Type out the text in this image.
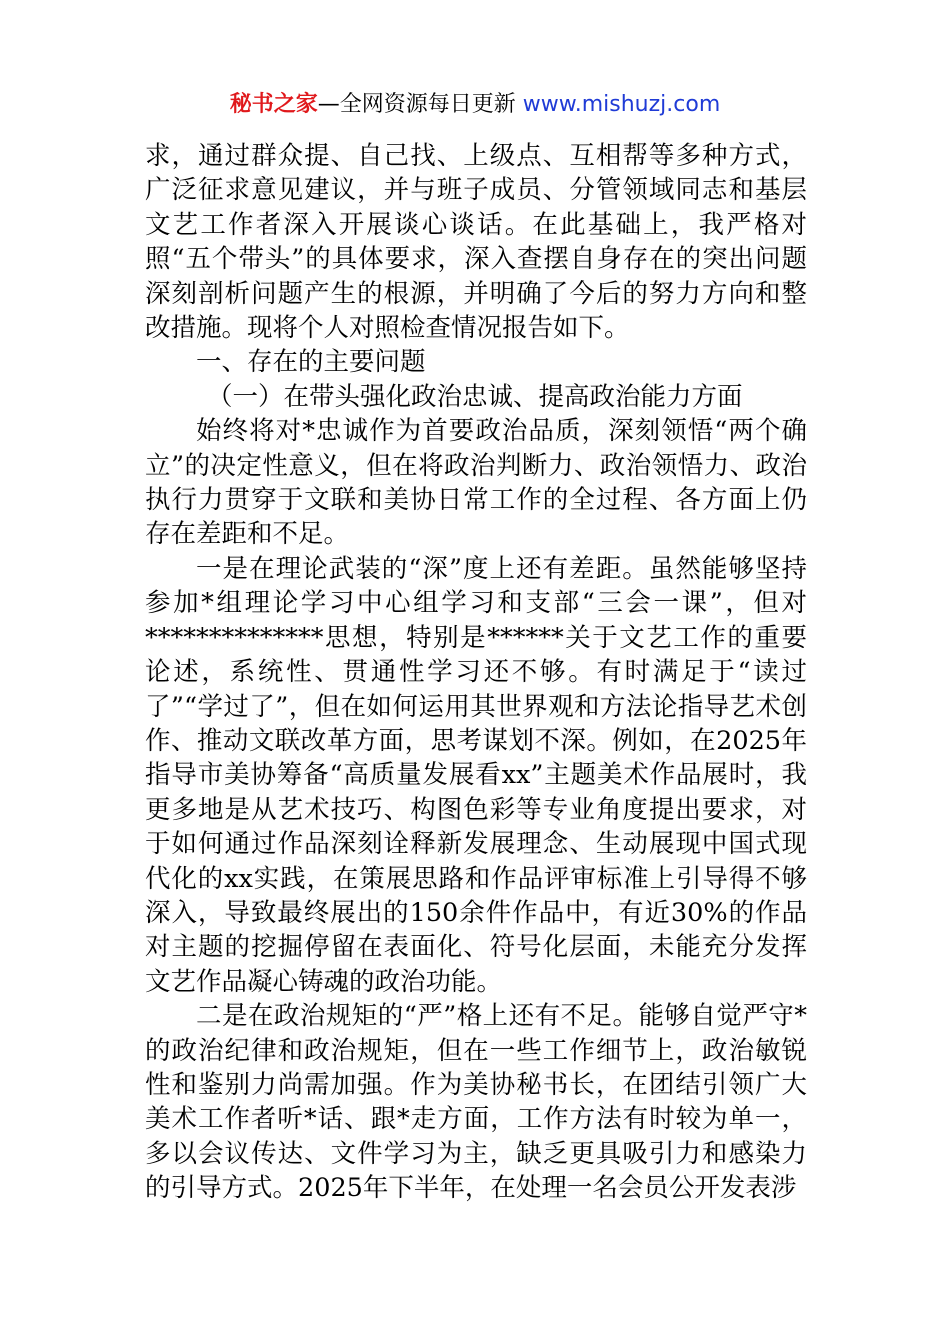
秘书之家—全网资源每日更新 www.mishuzj.com

求，通过群众提、自己找、上级点、互相帮等多种方式，广泛征求意见建议，并与班子成员、分管领域同志和基层文艺工作者深入开展谈心谈话。在此基础上，我严格对照“五个带头”的具体要求，深入查摆自身存在的突出问题深刻剖析问题产生的根源，并明确了今后的努力方向和整改措施。现将个人对照检查情况报告如下。

一、存在的主要问题

（一）在带头强化政治忠诚、提高政治能力方面

始终将对*忠诚作为首要政治品质，深刻领悟“两个确立”的决定性意义，但在将政治判断力、政治领悟力、政治执行力贯穿于文联和美协日常工作的全过程、各方面上仍存在差距和不足。

一是在理论武装的“深”度上还有差距。虽然能够坚持参加*组理论学习中心组学习和支部“三会一课”，但对**************思想，特别是******关于文艺工作的重要论述，系统性、贯通性学习还不够。有时满足于“读过了”“学过了”，但在如何运用其世界观和方法论指导艺术创作、推动文联改革方面，思考谋划不深。例如，在2025年指导市美协筹备“高质量发展看xx”主题美术作品展时，我更多地是从艺术技巧、构图色彩等专业角度提出要求，对于如何通过作品深刻诠释新发展理念、生动展现中国式现代化的xx实践，在策展思路和作品评审标准上引导得不够深入，导致最终展出的150余件作品中，有近30%的作品对主题的挖掘停留在表面化、符号化层面，未能充分发挥文艺作品凝心铸魂的政治功能。

二是在政治规矩的“严”格上还有不足。能够自觉严守*的政治纪律和政治规矩，但在一些工作细节上，政治敏锐性和鉴别力尚需加强。作为美协秘书长，在团结引领广大美术工作者听*话、跟*走方面，工作方法有时较为单一，多以会议传达、文件学习为主，缺乏更具吸引力和感染力的引导方式。2025年下半年，在处理一名会员公开发表涉
